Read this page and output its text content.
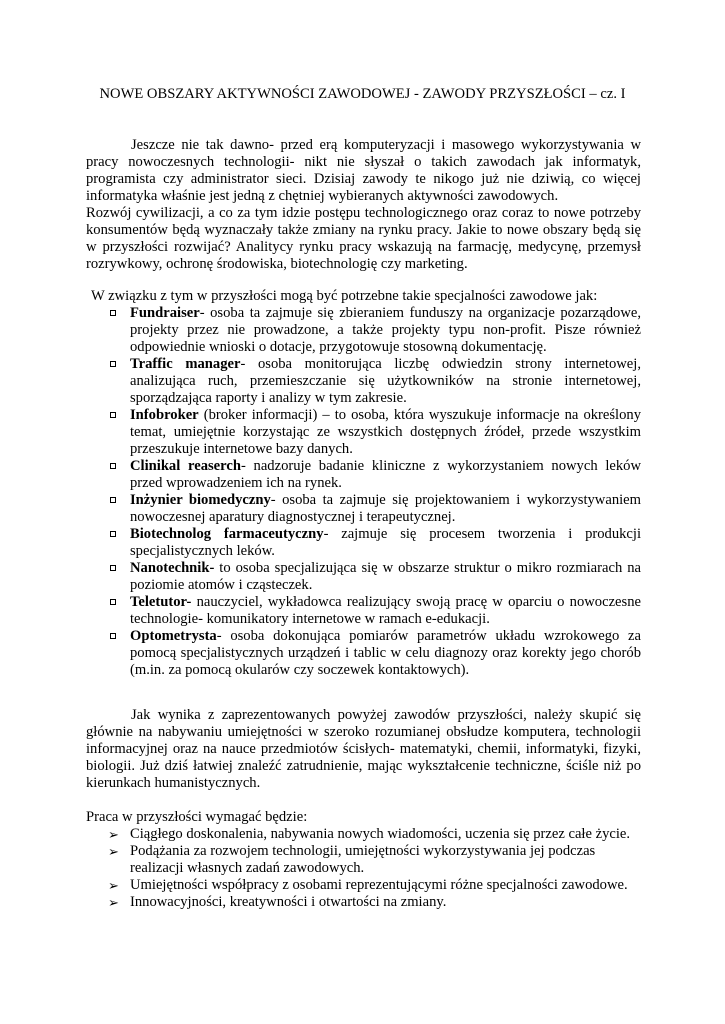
NOWE OBSZARY AKTYWNOŚCI ZAWODOWEJ - ZAWODY PRZYSZŁOŚCI – cz. I

Jeszcze nie tak dawno- przed erą komputeryzacji i masowego wykorzystywania w pracy nowoczesnych technologii- nikt nie słyszał o takich zawodach jak informatyk, programista czy administrator sieci. Dzisiaj zawody te nikogo już nie dziwią, co więcej informatyka właśnie jest jedną z chętniej wybieranych aktywności zawodowych.

Rozwój cywilizacji, a co za tym idzie postępu technologicznego oraz coraz to nowe potrzeby konsumentów będą wyznaczały także zmiany na rynku pracy. Jakie to nowe obszary będą się w przyszłości rozwijać? Analitycy rynku pracy wskazują na farmację, medycynę, przemysł rozrywkowy, ochronę środowiska, biotechnologię czy marketing.

W związku z tym w przyszłości mogą być potrzebne takie specjalności zawodowe jak:
Fundraiser- osoba ta zajmuje się zbieraniem funduszy na organizacje pozarządowe, projekty przez nie prowadzone, a także projekty typu non-profit. Pisze również odpowiednie wnioski o dotacje, przygotowuje stosowną dokumentację.
Traffic manager- osoba monitorująca liczbę odwiedzin strony internetowej, analizująca ruch, przemieszczanie się użytkowników na stronie internetowej, sporządzająca raporty i analizy w tym zakresie.
Infobroker (broker informacji) – to osoba, która wyszukuje informacje na określony temat, umiejętnie korzystając ze wszystkich dostępnych źródeł, przede wszystkim przeszukuje internetowe bazy danych.
Clinikal reaserch- nadzoruje badanie kliniczne z wykorzystaniem nowych leków przed wprowadzeniem ich na rynek.
Inżynier biomedyczny- osoba ta zajmuje się projektowaniem i wykorzystywaniem nowoczesnej aparatury diagnostycznej i terapeutycznej.
Biotechnolog farmaceutyczny- zajmuje się procesem tworzenia i produkcji specjalistycznych leków.
Nanotechnik- to osoba specjalizująca się w obszarze struktur o mikro rozmiarach na poziomie atomów i cząsteczek.
Teletutor- nauczyciel, wykładowca realizujący swoją pracę w oparciu o nowoczesne technologie- komunikatory internetowe w ramach e-edukacji.
Optometrysta- osoba dokonująca pomiarów parametrów układu wzrokowego za pomocą specjalistycznych urządzeń i tablic w celu diagnozy oraz korekty jego chorób (m.in. za pomocą okularów czy soczewek kontaktowych).
Jak wynika z zaprezentowanych powyżej zawodów przyszłości, należy skupić się głównie na nabywaniu umiejętności w szeroko rozumianej obsłudze komputera, technologii informacyjnej oraz na nauce przedmiotów ścisłych- matematyki, chemii, informatyki, fizyki, biologii. Już dziś łatwiej znaleźć zatrudnienie, mając wykształcenie techniczne, ściśle niż po kierunkach humanistycznych.
Praca w przyszłości wymagać będzie:
➢ Ciągłego doskonalenia, nabywania nowych wiadomości, uczenia się przez całe życie.
➢ Podążania za rozwojem technologii, umiejętności wykorzystywania jej podczas realizacji własnych zadań zawodowych.
➢ Umiejętności współpracy z osobami reprezentującymi różne specjalności zawodowe.
➢ Innowacyjności, kreatywności i otwartości na zmiany.
